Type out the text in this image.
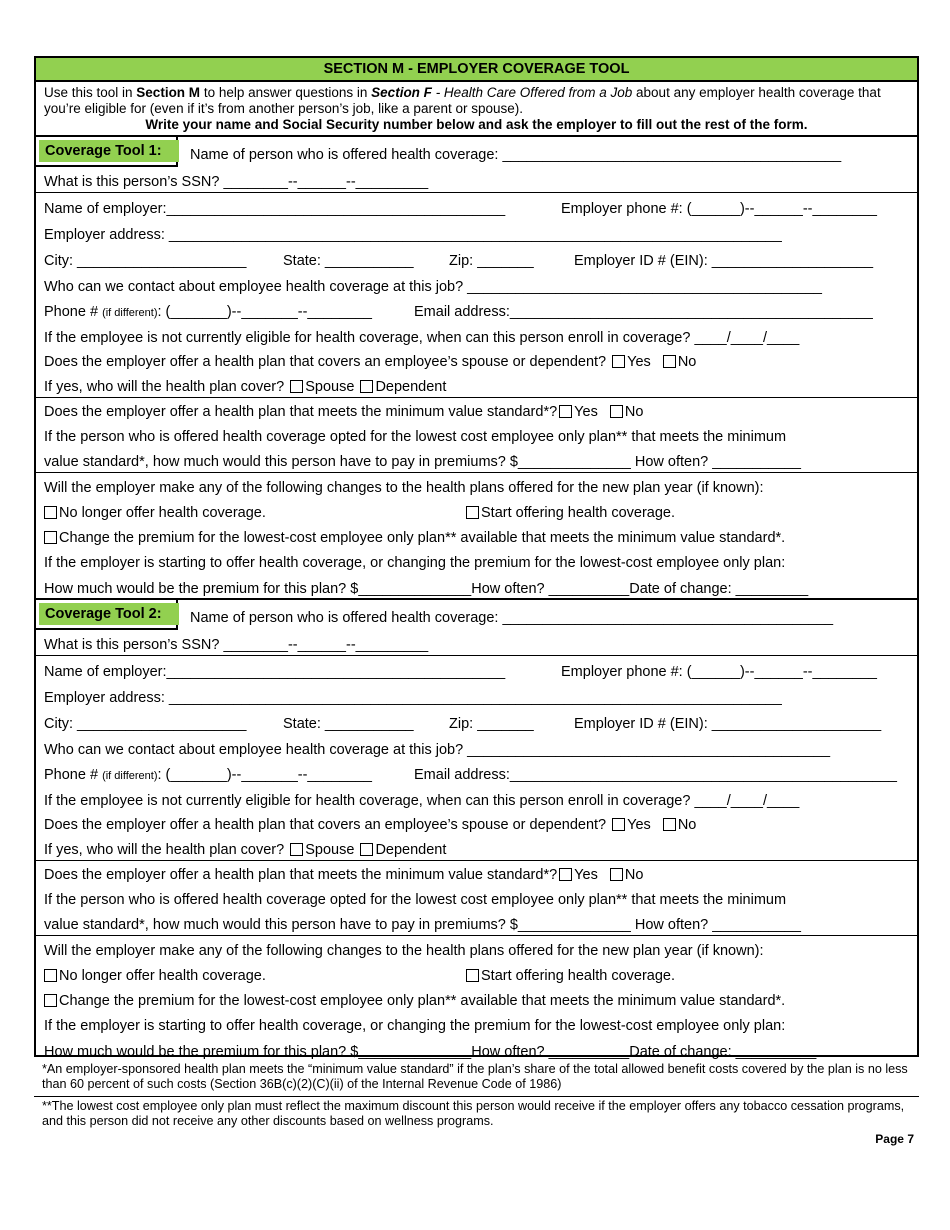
SECTION M - EMPLOYER COVERAGE TOOL
Use this tool in Section M to help answer questions in Section F - Health Care Offered from a Job about any employer health coverage that you’re eligible for (even if it’s from another person’s job, like a parent or spouse).
Write your name and Social Security number below and ask the employer to fill out the rest of the form.
Coverage Tool 1:	Name of person who is offered health coverage: __________________________________________
What is this person’s SSN? ________--______--_________
Name of employer:__________________________________________	Employer phone #: (______)--______--________
Employer address: ____________________________________________________________________________
City: _____________________	State: ___________	Zip: _______	Employer ID # (EIN): ____________________
Who can we contact about employee health coverage at this job? ____________________________________________
Phone # (if different): (_______)--_______--________	Email address:_____________________________________________
If the employee is not currently eligible for health coverage, when can this person enroll in coverage? ____/____/____
Does the employer offer a health plan that covers an employee’s spouse or dependent? Yes No
If yes, who will the health plan cover? Spouse Dependent
Does the employer offer a health plan that meets the minimum value standard*? Yes No
If the person who is offered health coverage opted for the lowest cost employee only plan** that meets the minimum
value standard*, how much would this person have to pay in premiums? $______________ How often? ___________
Will the employer make any of the following changes to the health plans offered for the new plan year (if known):
No longer offer health coverage.	Start offering health coverage.
Change the premium for the lowest-cost employee only plan** available that meets the minimum value standard*.
If the employer is starting to offer health coverage, or changing the premium for the lowest-cost employee only plan:
How much would be the premium for this plan? $______________How often? __________Date of change: _________
Coverage Tool 2:	Name of person who is offered health coverage: _________________________________________
What is this person’s SSN? ________--______--_________
Name of employer:__________________________________________	Employer phone #: (______)--______--________
Employer address: ____________________________________________________________________________
City: _____________________	State: ___________	Zip: _______	Employer ID # (EIN): _____________________
Who can we contact about employee health coverage at this job? _____________________________________________
Phone # (if different): (_______)--_______--________	Email address:________________________________________________
If the employee is not currently eligible for health coverage, when can this person enroll in coverage? ____/____/____
Does the employer offer a health plan that covers an employee’s spouse or dependent? Yes No
If yes, who will the health plan cover? Spouse Dependent
Does the employer offer a health plan that meets the minimum value standard*? Yes No
If the person who is offered health coverage opted for the lowest cost employee only plan** that meets the minimum
value standard*, how much would this person have to pay in premiums? $______________ How often? ___________
Will the employer make any of the following changes to the health plans offered for the new plan year (if known):
No longer offer health coverage.	Start offering health coverage.
Change the premium for the lowest-cost employee only plan** available that meets the minimum value standard*.
If the employer is starting to offer health coverage, or changing the premium for the lowest-cost employee only plan:
How much would be the premium for this plan? $______________How often? __________Date of change: __________
*An employer-sponsored health plan meets the “minimum value standard” if the plan’s share of the total allowed benefit costs covered by the plan is no less than 60 percent of such costs (Section 36B(c)(2)(C)(ii) of the Internal Revenue Code of 1986)
**The lowest cost employee only plan must reflect the maximum discount this person would receive if the employer offers any tobacco cessation programs, and this person did not receive any other discounts based on wellness programs.
Page 7
